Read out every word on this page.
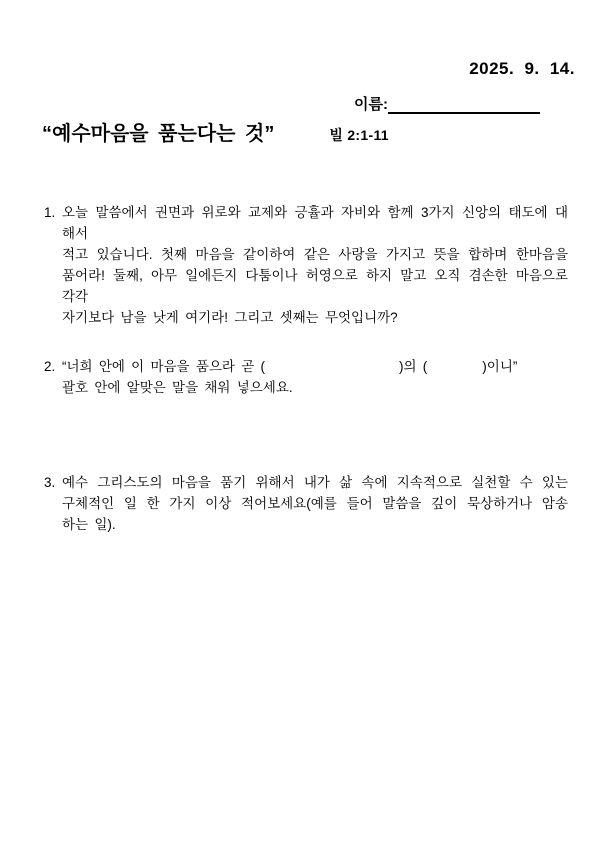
2025. 9. 14.
이름:
“예수마음을 품는다는 것”	빌 2:1-11
1. 오늘 말씀에서 권면과 위로와 교제와 긍휼과 자비와 함께 3가지 신앙의 태도에 대해서
적고 있습니다. 첫째 마음을 같이하여 같은 사랑을 가지고 뜻을 합하며 한마음을
품어라! 둘째, 아무 일에든지 다툼이나 허영으로 하지 말고 오직 겸손한 마음으로 각각
자기보다 남을 낫게 여기라! 그리고 셋째는 무엇입니까?
2. “너희 안에 이 마음을 품으라 곧 (	)의 (	)이니”
괄호 안에 알맞은 말을 채워 넣으세요.
3. 예수 그리스도의 마음을 품기 위해서 내가 삶 속에 지속적으로 실천할 수 있는
구체적인 일 한 가지 이상 적어보세요(예를 들어 말씀을 깊이 묵상하거나 암송
하는 일).
